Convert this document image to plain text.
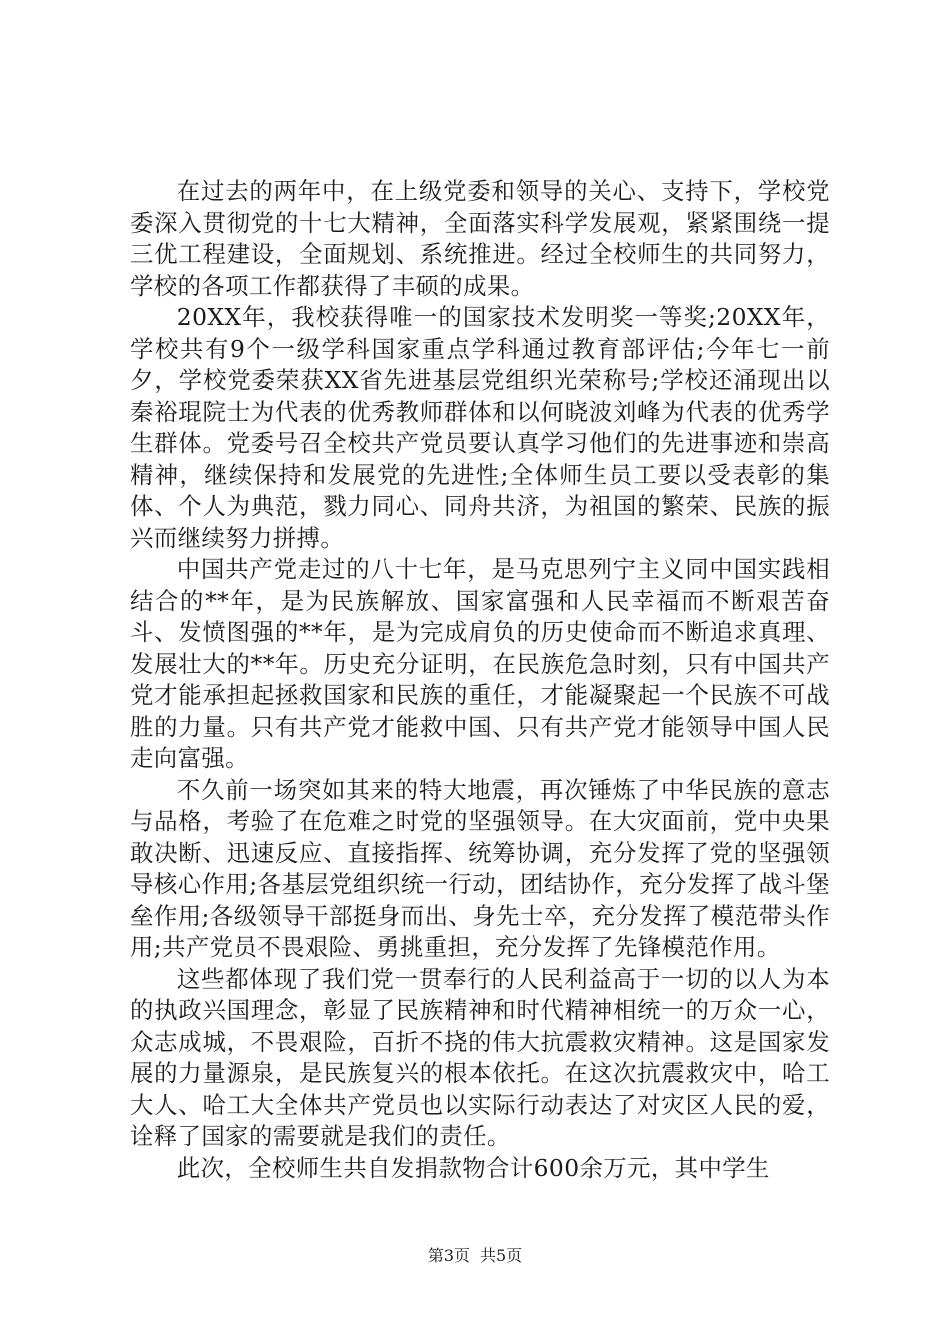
在过去的两年中，在上级党委和领导的关心、支持下，学校党委深入贯彻党的十七大精神，全面落实科学发展观，紧紧围绕一提三优工程建设，全面规划、系统推进。经过全校师生的共同努力，学校的各项工作都获得了丰硕的成果。

20XX年，我校获得唯一的国家技术发明奖一等奖;20XX年，学校共有9个一级学科国家重点学科通过教育部评估;今年七一前夕，学校党委荣获XX省先进基层党组织光荣称号;学校还涌现出以秦裕琨院士为代表的优秀教师群体和以何晓波刘峰为代表的优秀学生群体。党委号召全校共产党员要认真学习他们的先进事迹和崇高精神，继续保持和发展党的先进性;全体师生员工要以受表彰的集体、个人为典范，戮力同心、同舟共济，为祖国的繁荣、民族的振兴而继续努力拼搏。

中国共产党走过的八十七年，是马克思列宁主义同中国实践相结合的**年，是为民族解放、国家富强和人民幸福而不断艰苦奋斗、发愤图强的**年，是为完成肩负的历史使命而不断追求真理、发展壮大的**年。历史充分证明，在民族危急时刻，只有中国共产党才能承担起拯救国家和民族的重任，才能凝聚起一个民族不可战胜的力量。只有共产党才能救中国、只有共产党才能领导中国人民走向富强。

不久前一场突如其来的特大地震，再次锤炼了中华民族的意志与品格，考验了在危难之时党的坚强领导。在大灾面前，党中央果敢决断、迅速反应、直接指挥、统筹协调，充分发挥了党的坚强领导核心作用;各基层党组织统一行动，团结协作，充分发挥了战斗堡垒作用;各级领导干部挺身而出、身先士卒，充分发挥了模范带头作用;共产党员不畏艰险、勇挑重担，充分发挥了先锋模范作用。

这些都体现了我们党一贯奉行的人民利益高于一切的以人为本的执政兴国理念，彰显了民族精神和时代精神相统一的万众一心，众志成城，不畏艰险，百折不挠的伟大抗震救灾精神。这是国家发展的力量源泉，是民族复兴的根本依托。在这次抗震救灾中，哈工大人、哈工大全体共产党员也以实际行动表达了对灾区人民的爱，诠释了国家的需要就是我们的责任。

此次，全校师生共自发捐款物合计600余万元，其中学生

第3页 共5页
